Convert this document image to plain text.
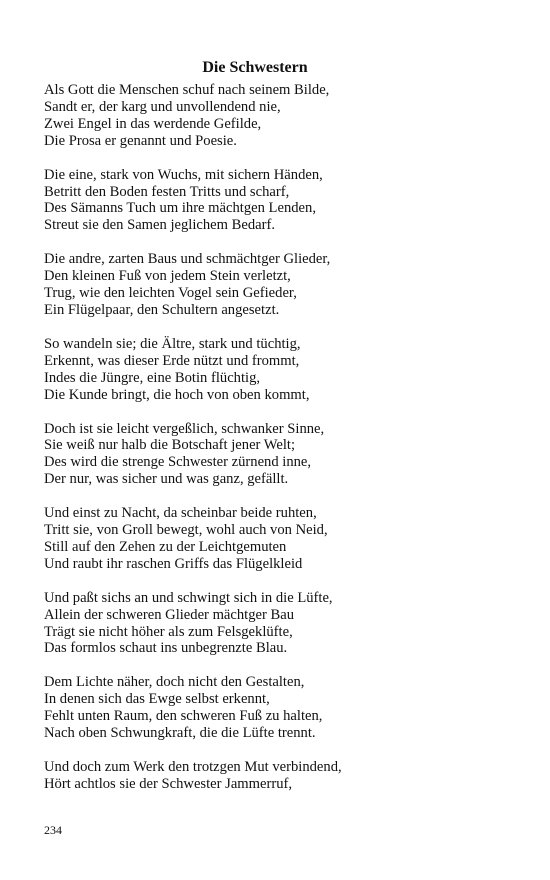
Die Schwestern

Als Gott die Menschen schuf nach seinem Bilde,
Sandt er, der karg und unvollendend nie,
Zwei Engel in das werdende Gefilde,
Die Prosa er genannt und Poesie.

Die eine, stark von Wuchs, mit sichern Händen,
Betritt den Boden festen Tritts und scharf,
Des Sämanns Tuch um ihre mächtgen Lenden,
Streut sie den Samen jeglichem Bedarf.

Die andre, zarten Baus und schmächtger Glieder,
Den kleinen Fuß von jedem Stein verletzt,
Trug, wie den leichten Vogel sein Gefieder,
Ein Flügelpaar, den Schultern angesetzt.

So wandeln sie; die Ältre, stark und tüchtig,
Erkennt, was dieser Erde nützt und frommt,
Indes die Jüngre, eine Botin flüchtig,
Die Kunde bringt, die hoch von oben kommt,

Doch ist sie leicht vergeßlich, schwanker Sinne,
Sie weiß nur halb die Botschaft jener Welt;
Des wird die strenge Schwester zürnend inne,
Der nur, was sicher und was ganz, gefällt.

Und einst zu Nacht, da scheinbar beide ruhten,
Tritt sie, von Groll bewegt, wohl auch von Neid,
Still auf den Zehen zu der Leichtgemuten
Und raubt ihr raschen Griffs das Flügelkleid

Und paßt sichs an und schwingt sich in die Lüfte,
Allein der schweren Glieder mächtger Bau
Trägt sie nicht höher als zum Felsgeklüfte,
Das formlos schaut ins unbegrenzte Blau.

Dem Lichte näher, doch nicht den Gestalten,
In denen sich das Ewge selbst erkennt,
Fehlt unten Raum, den schweren Fuß zu halten,
Nach oben Schwungkraft, die die Lüfte trennt.

Und doch zum Werk den trotzgen Mut verbindend,
Hört achtlos sie der Schwester Jammerruf,

234
